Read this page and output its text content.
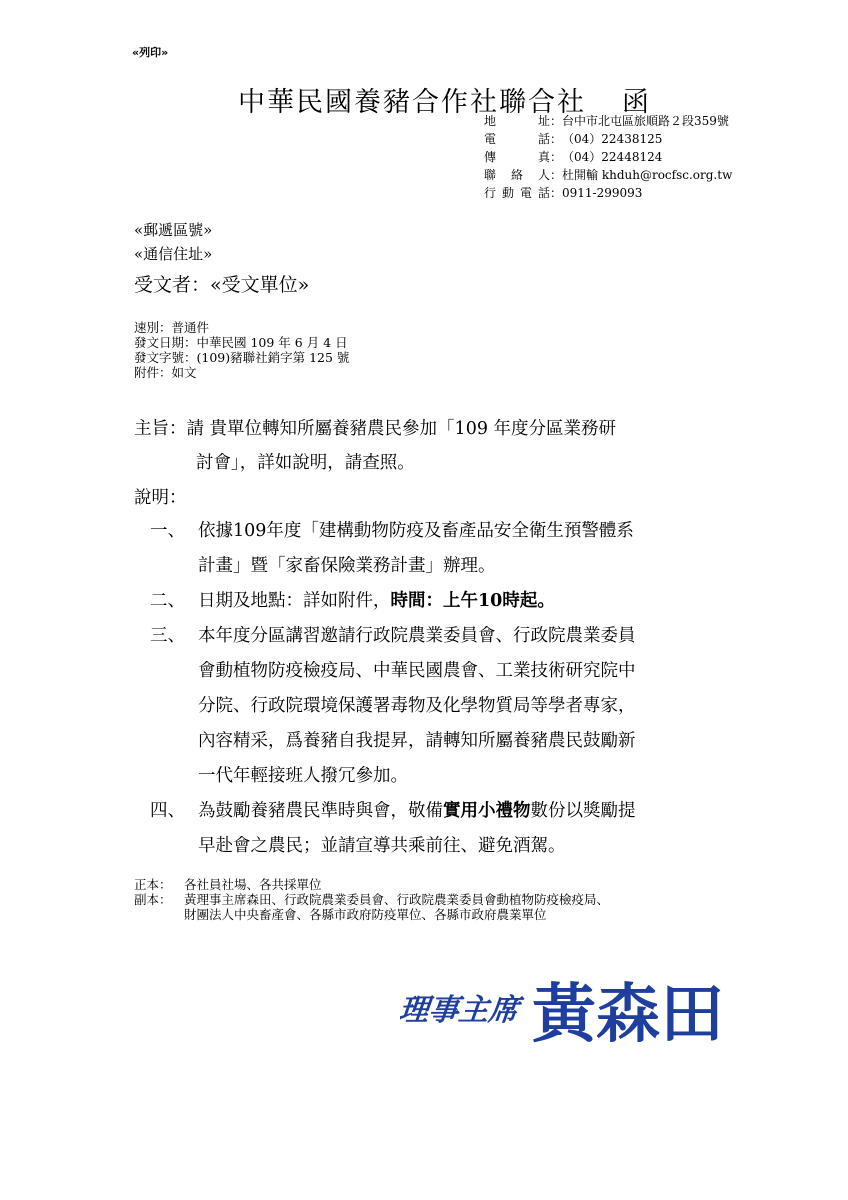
«列印»
中華民國養豬合作社聯合社 函
地 址 ： 台中市北屯區旅順路２段359號
電 話 ： （04）22438125
傳 真 ： （04）22448124
聯 絡 人 ： 杜開輸 khduh@rocfsc.org.tw
行動電話 ： 0911-299093
«郵遞區號»
«通信住址»
受文者：«受文單位»
速別：普通件
發文日期：中華民國 109 年 6 月 4 日
發文字號：(109)豬聯社銷字第 125 號
附件：如文
主旨：請 貴單位轉知所屬養豬農民參加「109 年度分區業務研
討會」，詳如說明，請查照。
說明：
一、 依據109年度「建構動物防疫及畜產品安全衛生預警體系
計畫」暨「家畜保險業務計畫」辦理。
二、 日期及地點：詳如附件，時間：上午10時起。
三、 本年度分區講習邀請行政院農業委員會、行政院農業委員
會動植物防疫檢疫局、中華民國農會、工業技術研究院中
分院、行政院環境保護署毒物及化學物質局等學者專家，
內容精采，爲養豬自我提昇，請轉知所屬養豬農民鼓勵新
一代年輕接班人撥冗參加。
四、 為鼓勵養豬農民準時與會，敬備實用小禮物數份以獎勵提
早赴會之農民；並請宣導共乘前往、避免酒駕。
正本： 各社員社場、各共採單位
副本： 黃理事主席森田、行政院農業委員會、行政院農業委員會動植物防疫檢疫局、
財團法人中央畜產會、各縣市政府防疫單位、各縣市政府農業單位
理事主席 黃森田
